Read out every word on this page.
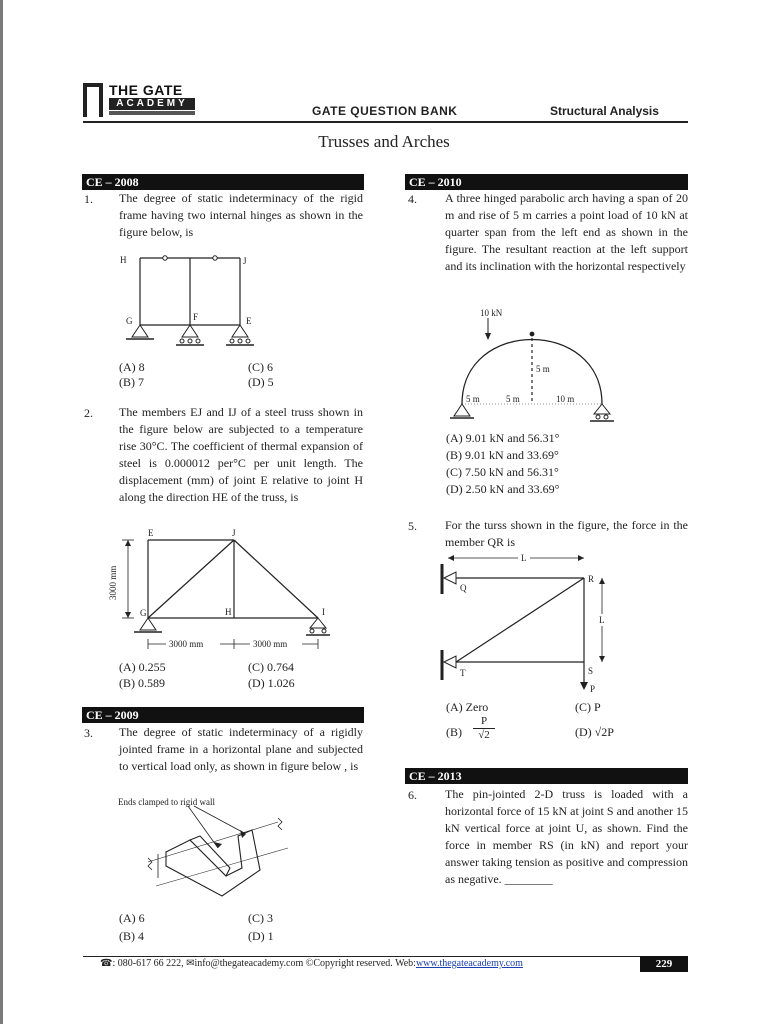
THE GATE
ACADEMY
GATE QUESTION BANK	Structural Analysis
Trusses and Arches
CE – 2008
1. The degree of static indeterminacy of the rigid frame having two internal hinges as shown in the figure below, is
H	J
G	F	E
(A) 8
(B) 7
(C) 6
(D) 5
2. The members EJ and IJ of a steel truss shown in the figure below are subjected to a temperature rise 30°C. The coefficient of thermal expansion of steel is 0.000012 per°C per unit length. The displacement (mm) of joint E relative to joint H along the direction HE of the truss, is
3000 mm
3000 mm	3000 mm
E	J
G	H	I
(A) 0.255
(B) 0.589
(C) 0.764
(D) 1.026
CE – 2009
3. The degree of static indeterminacy of a rigidly jointed frame in a horizontal plane and subjected to vertical load only, as shown in figure below , is
Ends clamped to rigid wall
(A) 6
(B) 4
(C) 3
(D) 1
CE – 2010
4. A three hinged parabolic arch having a span of 20 m and rise of 5 m carries a point load of 10 kN at quarter span from the left end as shown in the figure. The resultant reaction at the left support and its inclination with the horizontal respectively
10 kN
5 m
5 m	5 m	10 m
(A) 9.01 kN and 56.31°
(B) 9.01 kN and 33.69°
(C) 7.50 kN and 56.31°
(D) 2.50 kN and 33.69°
5. For the turss shown in the figure, the force in the member QR is
L
L
Q
R
S
T
P
(A) Zero	(C) P
$(B) \frac{P}{√2}$	(D) √2P
CE – 2013
6. The pin-jointed 2-D truss is loaded with a horizontal force of 15 kN at joint S and another 15 kN vertical force at joint U, as shown. Find the force in member RS (in kN) and report your answer taking tension as positive and compression as negative. ________
☎: 080-617 66 222, ✉info@thegateacademy.com ©Copyright reserved. Web:www.thegateacademy.com	229
